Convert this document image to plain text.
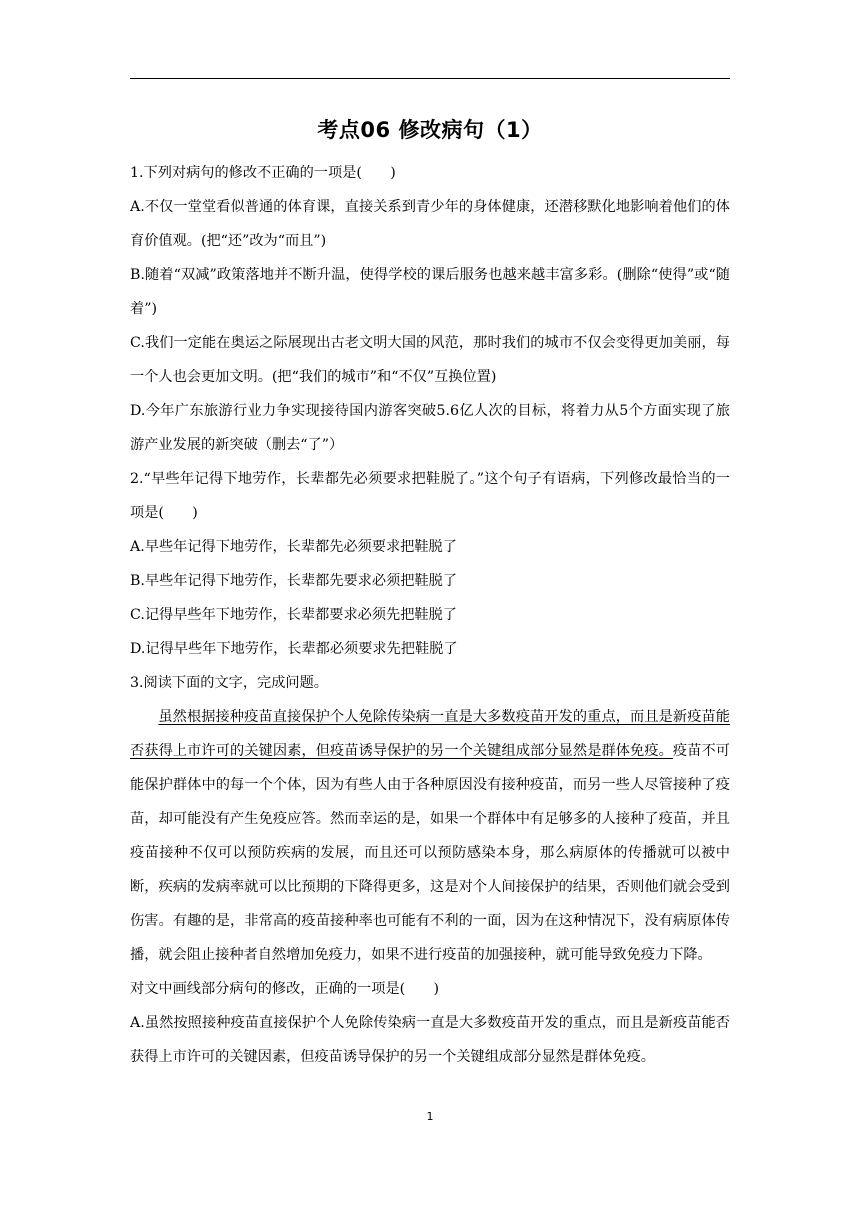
考点06 修改病句（1）

1.下列对病句的修改不正确的一项是(　　)

A.不仅一堂堂看似普通的体育课，直接关系到青少年的身体健康，还潜移默化地影响着他们的体育价值观。(把“还”改为“而且”)

B.随着“双减”政策落地并不断升温，使得学校的课后服务也越来越丰富多彩。(删除“使得”或“随着”)

C.我们一定能在奥运之际展现出古老文明大国的风范，那时我们的城市不仅会变得更加美丽，每一个人也会更加文明。(把“我们的城市”和“不仅”互换位置)

D.今年广东旅游行业力争实现接待国内游客突破5.6亿人次的目标，将着力从5个方面实现了旅游产业发展的新突破（删去“了”）

2.“早些年记得下地劳作，长辈都先必须要求把鞋脱了。”这个句子有语病，下列修改最恰当的一项是(　　)

A.早些年记得下地劳作，长辈都先必须要求把鞋脱了

B.早些年记得下地劳作，长辈都先要求必须把鞋脱了

C.记得早些年下地劳作，长辈都要求必须先把鞋脱了

D.记得早些年下地劳作，长辈都必须要求先把鞋脱了

3.阅读下面的文字，完成问题。

虽然根据接种疫苗直接保护个人免除传染病一直是大多数疫苗开发的重点，而且是新疫苗能否获得上市许可的关键因素，但疫苗诱导保护的另一个关键组成部分显然是群体免疫。疫苗不可能保护群体中的每一个个体，因为有些人由于各种原因没有接种疫苗，而另一些人尽管接种了疫苗，却可能没有产生免疫应答。然而幸运的是，如果一个群体中有足够多的人接种了疫苗，并且疫苗接种不仅可以预防疾病的发展，而且还可以预防感染本身，那么病原体的传播就可以被中断，疾病的发病率就可以比预期的下降得更多，这是对个人间接保护的结果，否则他们就会受到伤害。有趣的是，非常高的疫苗接种率也可能有不利的一面，因为在这种情况下，没有病原体传播，就会阻止接种者自然增加免疫力，如果不进行疫苗的加强接种，就可能导致免疫力下降。

对文中画线部分病句的修改，正确的一项是(　　)

A.虽然按照接种疫苗直接保护个人免除传染病一直是大多数疫苗开发的重点，而且是新疫苗能否获得上市许可的关键因素，但疫苗诱导保护的另一个关键组成部分显然是群体免疫。

1
